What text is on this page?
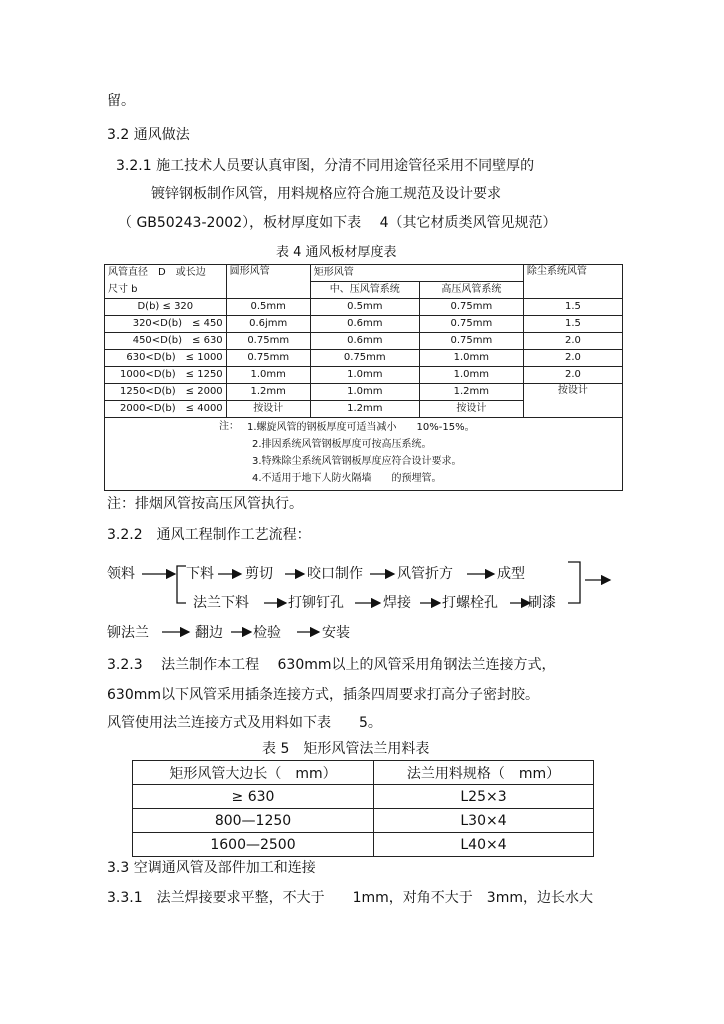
留。
3.2 通风做法
3.2.1 施工技术人员要认真审图，分清不同用途管径采用不同壁厚的
镀锌钢板制作风管，用料规格应符合施工规范及设计要求
（ GB50243-2002），板材厚度如下表　 4（其它材质类风管见规范）
表 4 通风板材厚度表
风管直径　D　或长边	圆形风管	矩形风管		除尘系统风管
尺寸 b		中、压风管系统	高压风管系统	
D(b) ≤ 320	0.5mm	0.5mm	0.75mm	1.5
320<D(b)　≤ 450	0.6jmm	0.6mm	0.75mm	1.5
450<D(b)　≤ 630	0.75mm	0.6mm	0.75mm	2.0
630<D(b)　≤ 1000	0.75mm	0.75mm	1.0mm	2.0
1000<D(b)　≤ 1250	1.0mm	1.0mm	1.0mm	2.0
1250<D(b)　≤ 2000	1.2mm	1.0mm	1.2mm	按设计
2000<D(b)　≤ 4000	按设计	1.2mm	按设计	

注： 1.螺旋风管的钢板厚度可适当减小　　10%-15%。
2.排因系统风管钢板厚度可按高压系统。
3.特殊除尘系统风管钢板厚度应符合设计要求。
4.不适用于地下人防火隔墙　　的预埋管。				
注：排烟风管按高压风管执行。
3.2.2　通风工程制作工艺流程：
领料	下料 剪切 咬口制作 风管折方	成型
法兰下料	打铆钉孔	焊接 打螺栓孔 刷漆
铆法兰	翻边 检验	安装
3.2.3　 法兰制作本工程　 630mm以上的风管采用角钢法兰连接方式，
630mm以下风管采用插条连接方式，插条四周要求打高分子密封胶。
风管使用法兰连接方式及用料如下表　　5。
表 5　矩形风管法兰用料表
矩形风管大边长（　mm）	法兰用料规格（　mm）
≥ 630	L25×3
800—1250	L30×4
1600—2500	L40×4
3.3 空调通风管及部件加工和连接
3.3.1　法兰焊接要求平整，不大于　　1mm，对角不大于　3mm，边长水大
